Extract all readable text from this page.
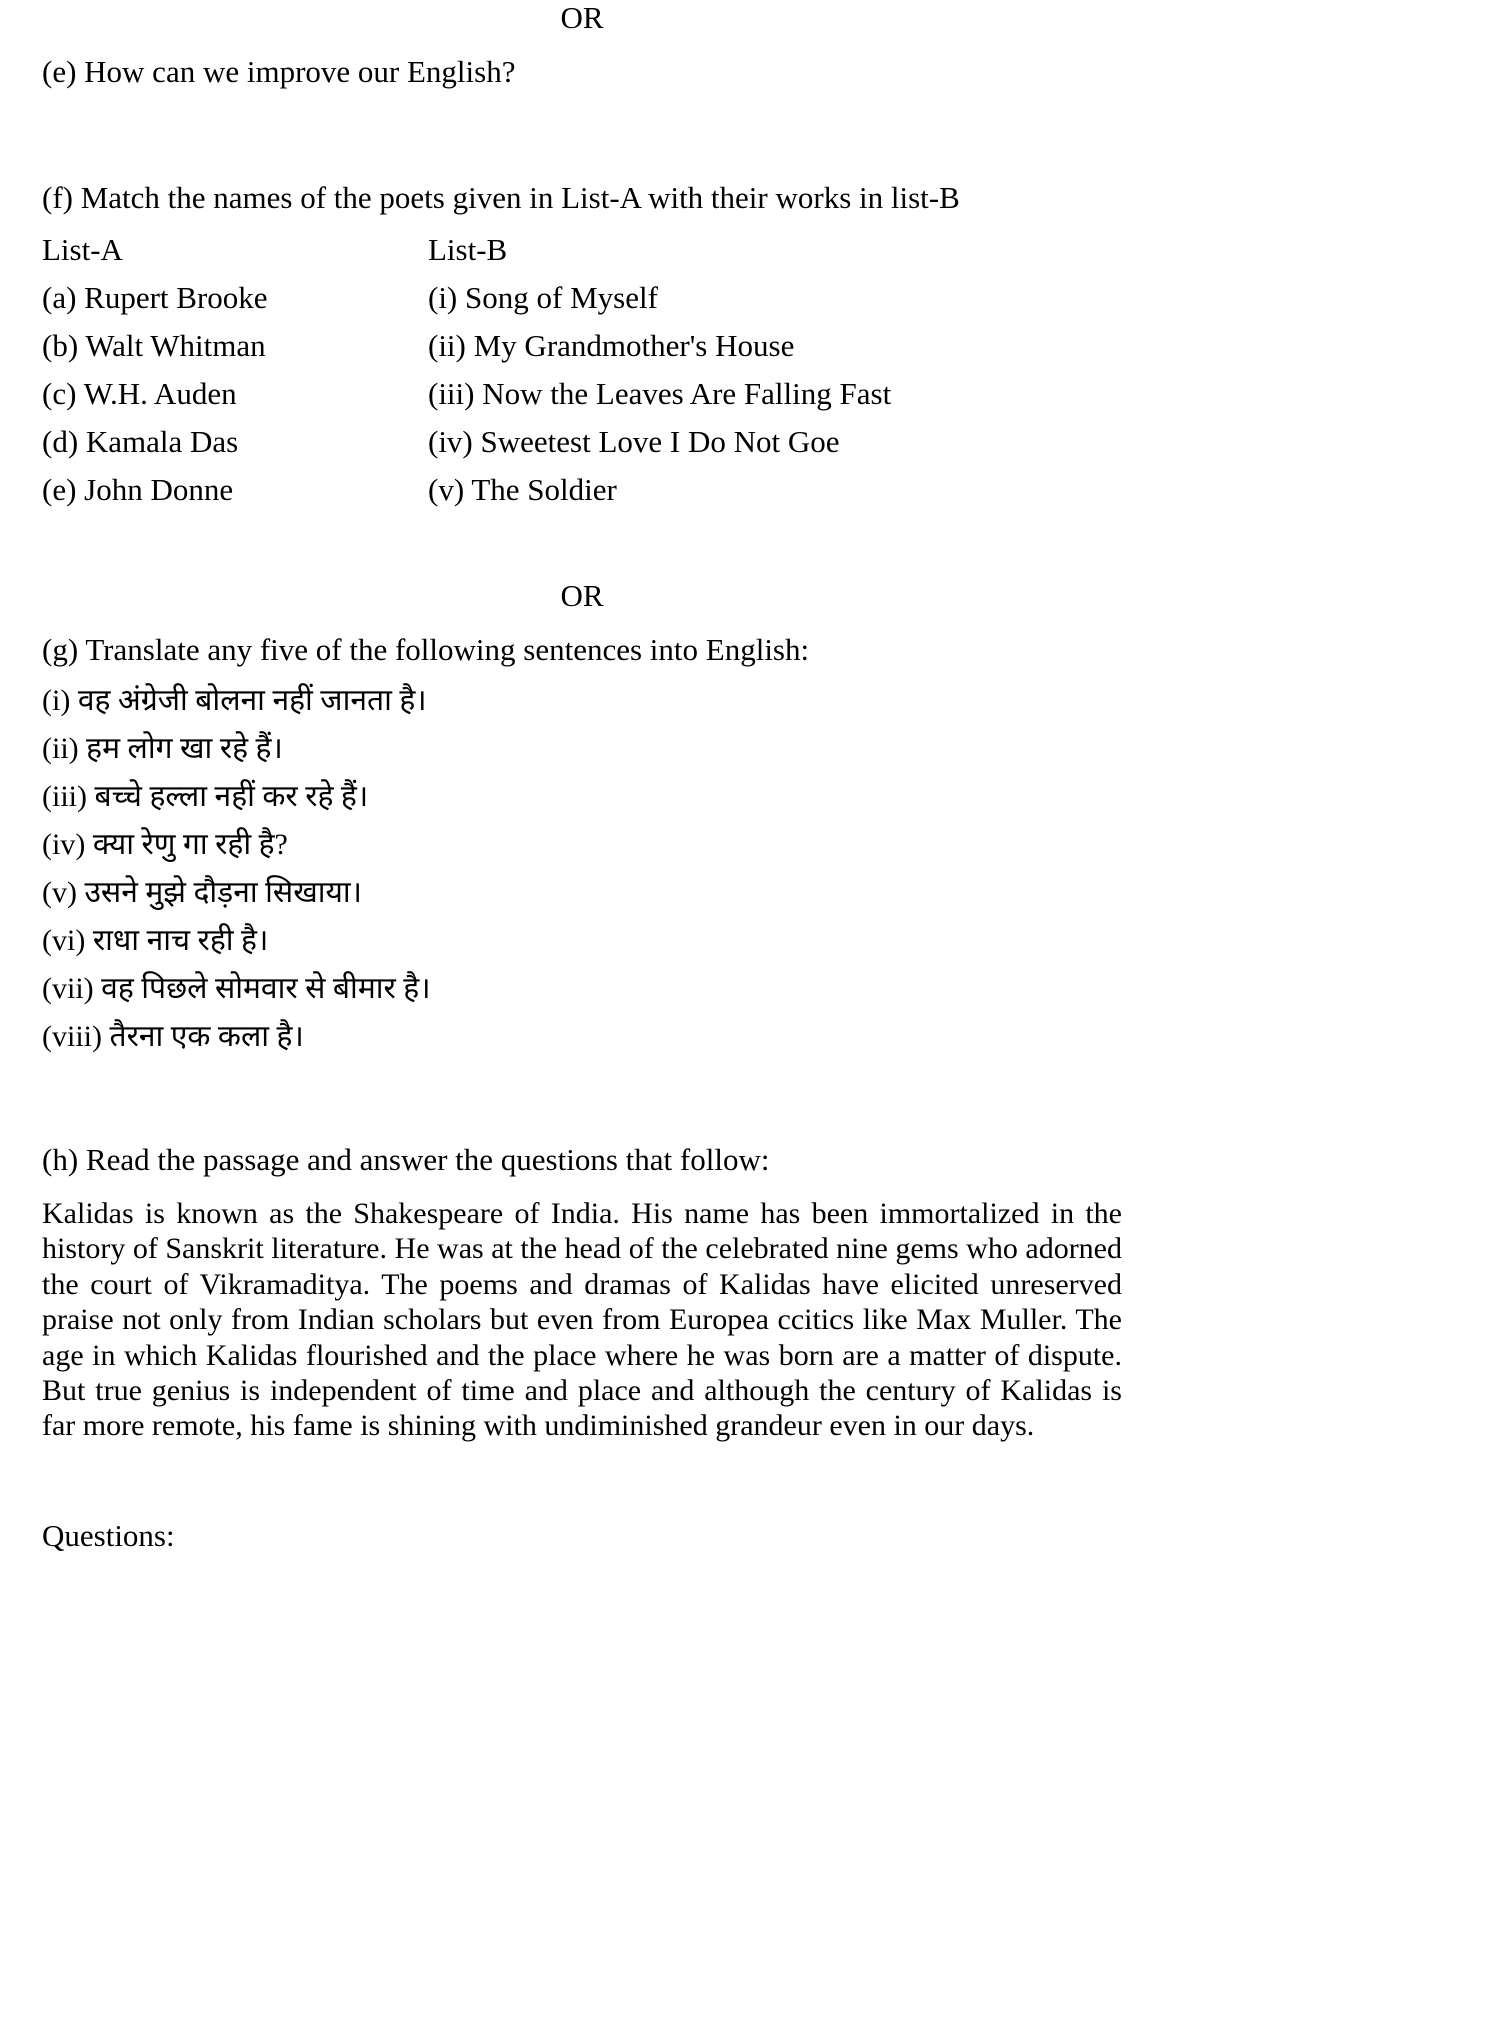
OR
(e) How can we improve our English?
(f) Match the names of the poets given in List-A with their works in list-B
List-A	List-B
(a) Rupert Brooke	(i) Song of Myself
(b) Walt Whitman	(ii) My Grandmother's House
(c) W.H. Auden	(iii) Now the Leaves Are Falling Fast
(d) Kamala Das	(iv) Sweetest Love I Do Not Goe
(e) John Donne	(v) The Soldier
OR
(g) Translate any five of the following sentences into English:
(i) वह अंग्रेजी बोलना नहीं जानता है।
(ii) हम लोग खा रहे हैं।
(iii) बच्चे हल्ला नहीं कर रहे हैं।
(iv) क्या रेणु गा रही है?
(v) उसने मुझे दौड़ना सिखाया।
(vi) राधा नाच रही है।
(vii) वह पिछले सोमवार से बीमार है।
(viii) तैरना एक कला है।
(h) Read the passage and answer the questions that follow:

Kalidas is known as the Shakespeare of India. His name has been immortalized in the history of Sanskrit literature. He was at the head of the celebrated nine gems who adorned the court of Vikramaditya. The poems and dramas of Kalidas have elicited unreserved praise not only from Indian scholars but even from Europea ccitics like Max Muller. The age in which Kalidas flourished and the place where he was born are a matter of dispute. But true genius is independent of time and place and although the century of Kalidas is far more remote, his fame is shining with undiminished grandeur even in our days.

Questions:
